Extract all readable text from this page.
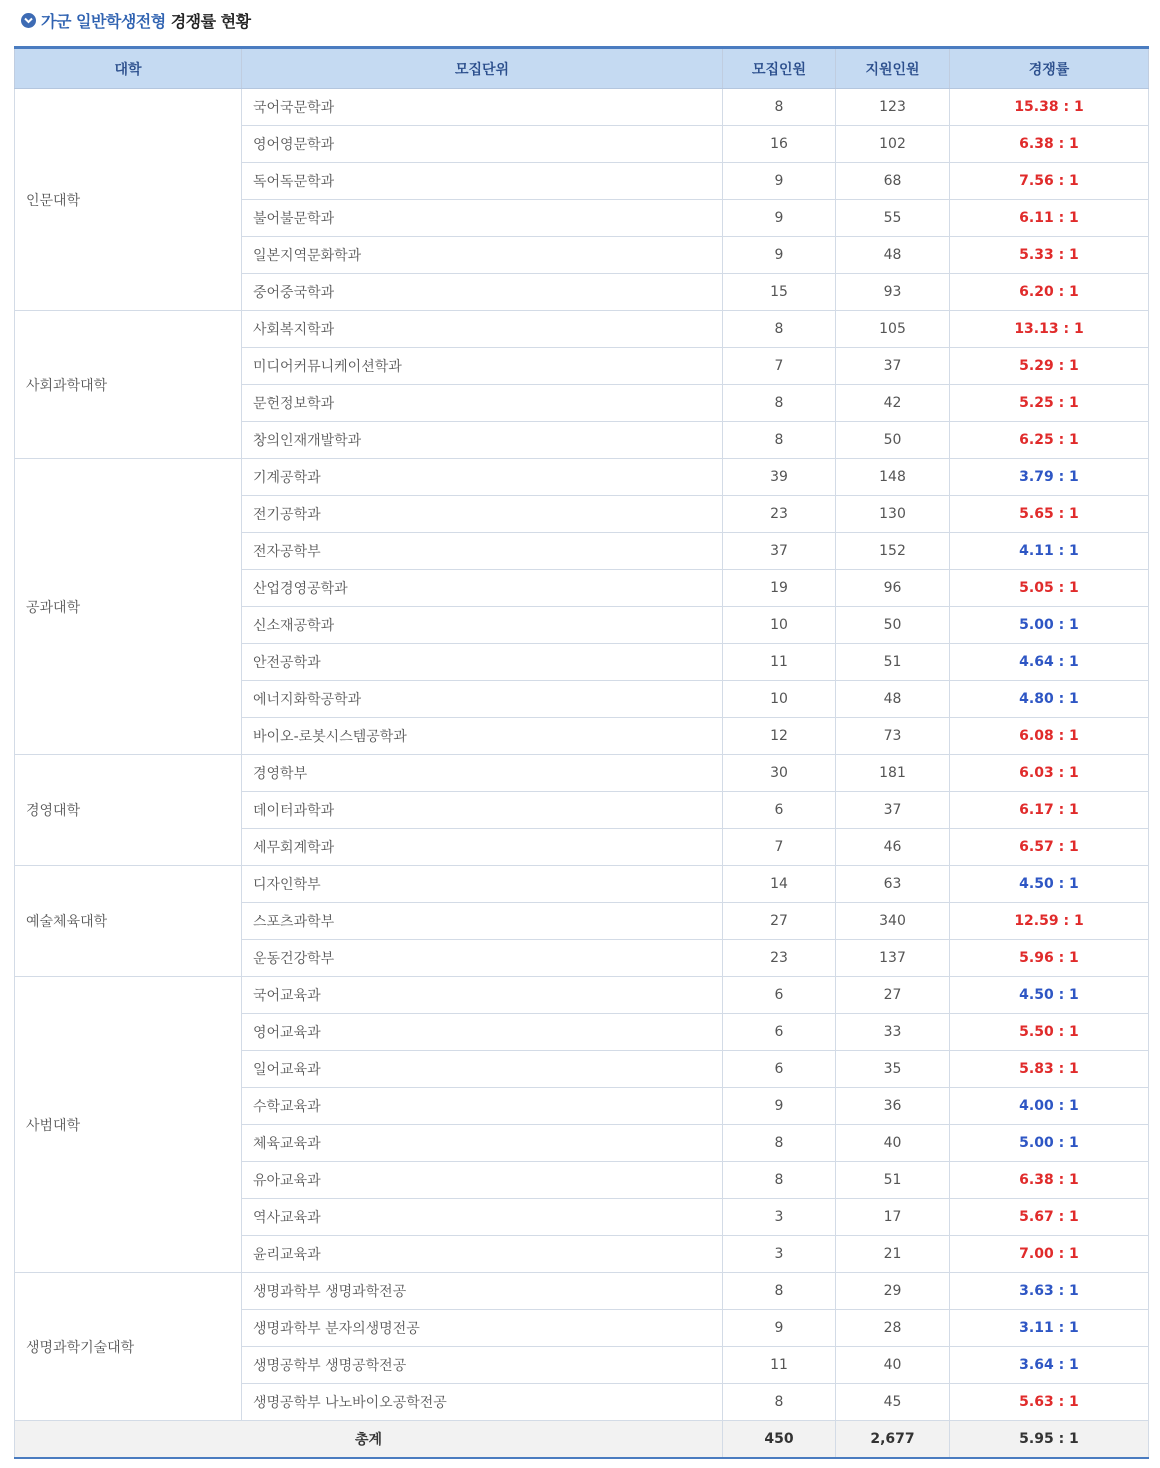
가군 일반학생전형 경쟁률 현황
대학	모집단위	모집인원	지원인원	경쟁률
인문대학	국어국문학과	8	123	15.38 : 1
	영어영문학과	16	102	6.38 : 1
	독어독문학과	9	68	7.56 : 1
	불어불문학과	9	55	6.11 : 1
	일본지역문화학과	9	48	5.33 : 1
	중어중국학과	15	93	6.20 : 1
사회과학대학	사회복지학과	8	105	13.13 : 1
	미디어커뮤니케이션학과	7	37	5.29 : 1
	문헌정보학과	8	42	5.25 : 1
	창의인재개발학과	8	50	6.25 : 1
공과대학	기계공학과	39	148	3.79 : 1
	전기공학과	23	130	5.65 : 1
	전자공학부	37	152	4.11 : 1
	산업경영공학과	19	96	5.05 : 1
	신소재공학과	10	50	5.00 : 1
	안전공학과	11	51	4.64 : 1
	에너지화학공학과	10	48	4.80 : 1
	바이오-로봇시스템공학과	12	73	6.08 : 1
경영대학	경영학부	30	181	6.03 : 1
	데이터과학과	6	37	6.17 : 1
	세무회계학과	7	46	6.57 : 1
예술체육대학	디자인학부	14	63	4.50 : 1
	스포츠과학부	27	340	12.59 : 1
	운동건강학부	23	137	5.96 : 1
사범대학	국어교육과	6	27	4.50 : 1
	영어교육과	6	33	5.50 : 1
	일어교육과	6	35	5.83 : 1
	수학교육과	9	36	4.00 : 1
	체육교육과	8	40	5.00 : 1
	유아교육과	8	51	6.38 : 1
	역사교육과	3	17	5.67 : 1
	윤리교육과	3	21	7.00 : 1
생명과학기술대학	생명과학부 생명과학전공	8	29	3.63 : 1
	생명과학부 분자의생명전공	9	28	3.11 : 1
	생명공학부 생명공학전공	11	40	3.64 : 1
	생명공학부 나노바이오공학전공	8	45	5.63 : 1
총계		450	2,677	5.95 : 1
